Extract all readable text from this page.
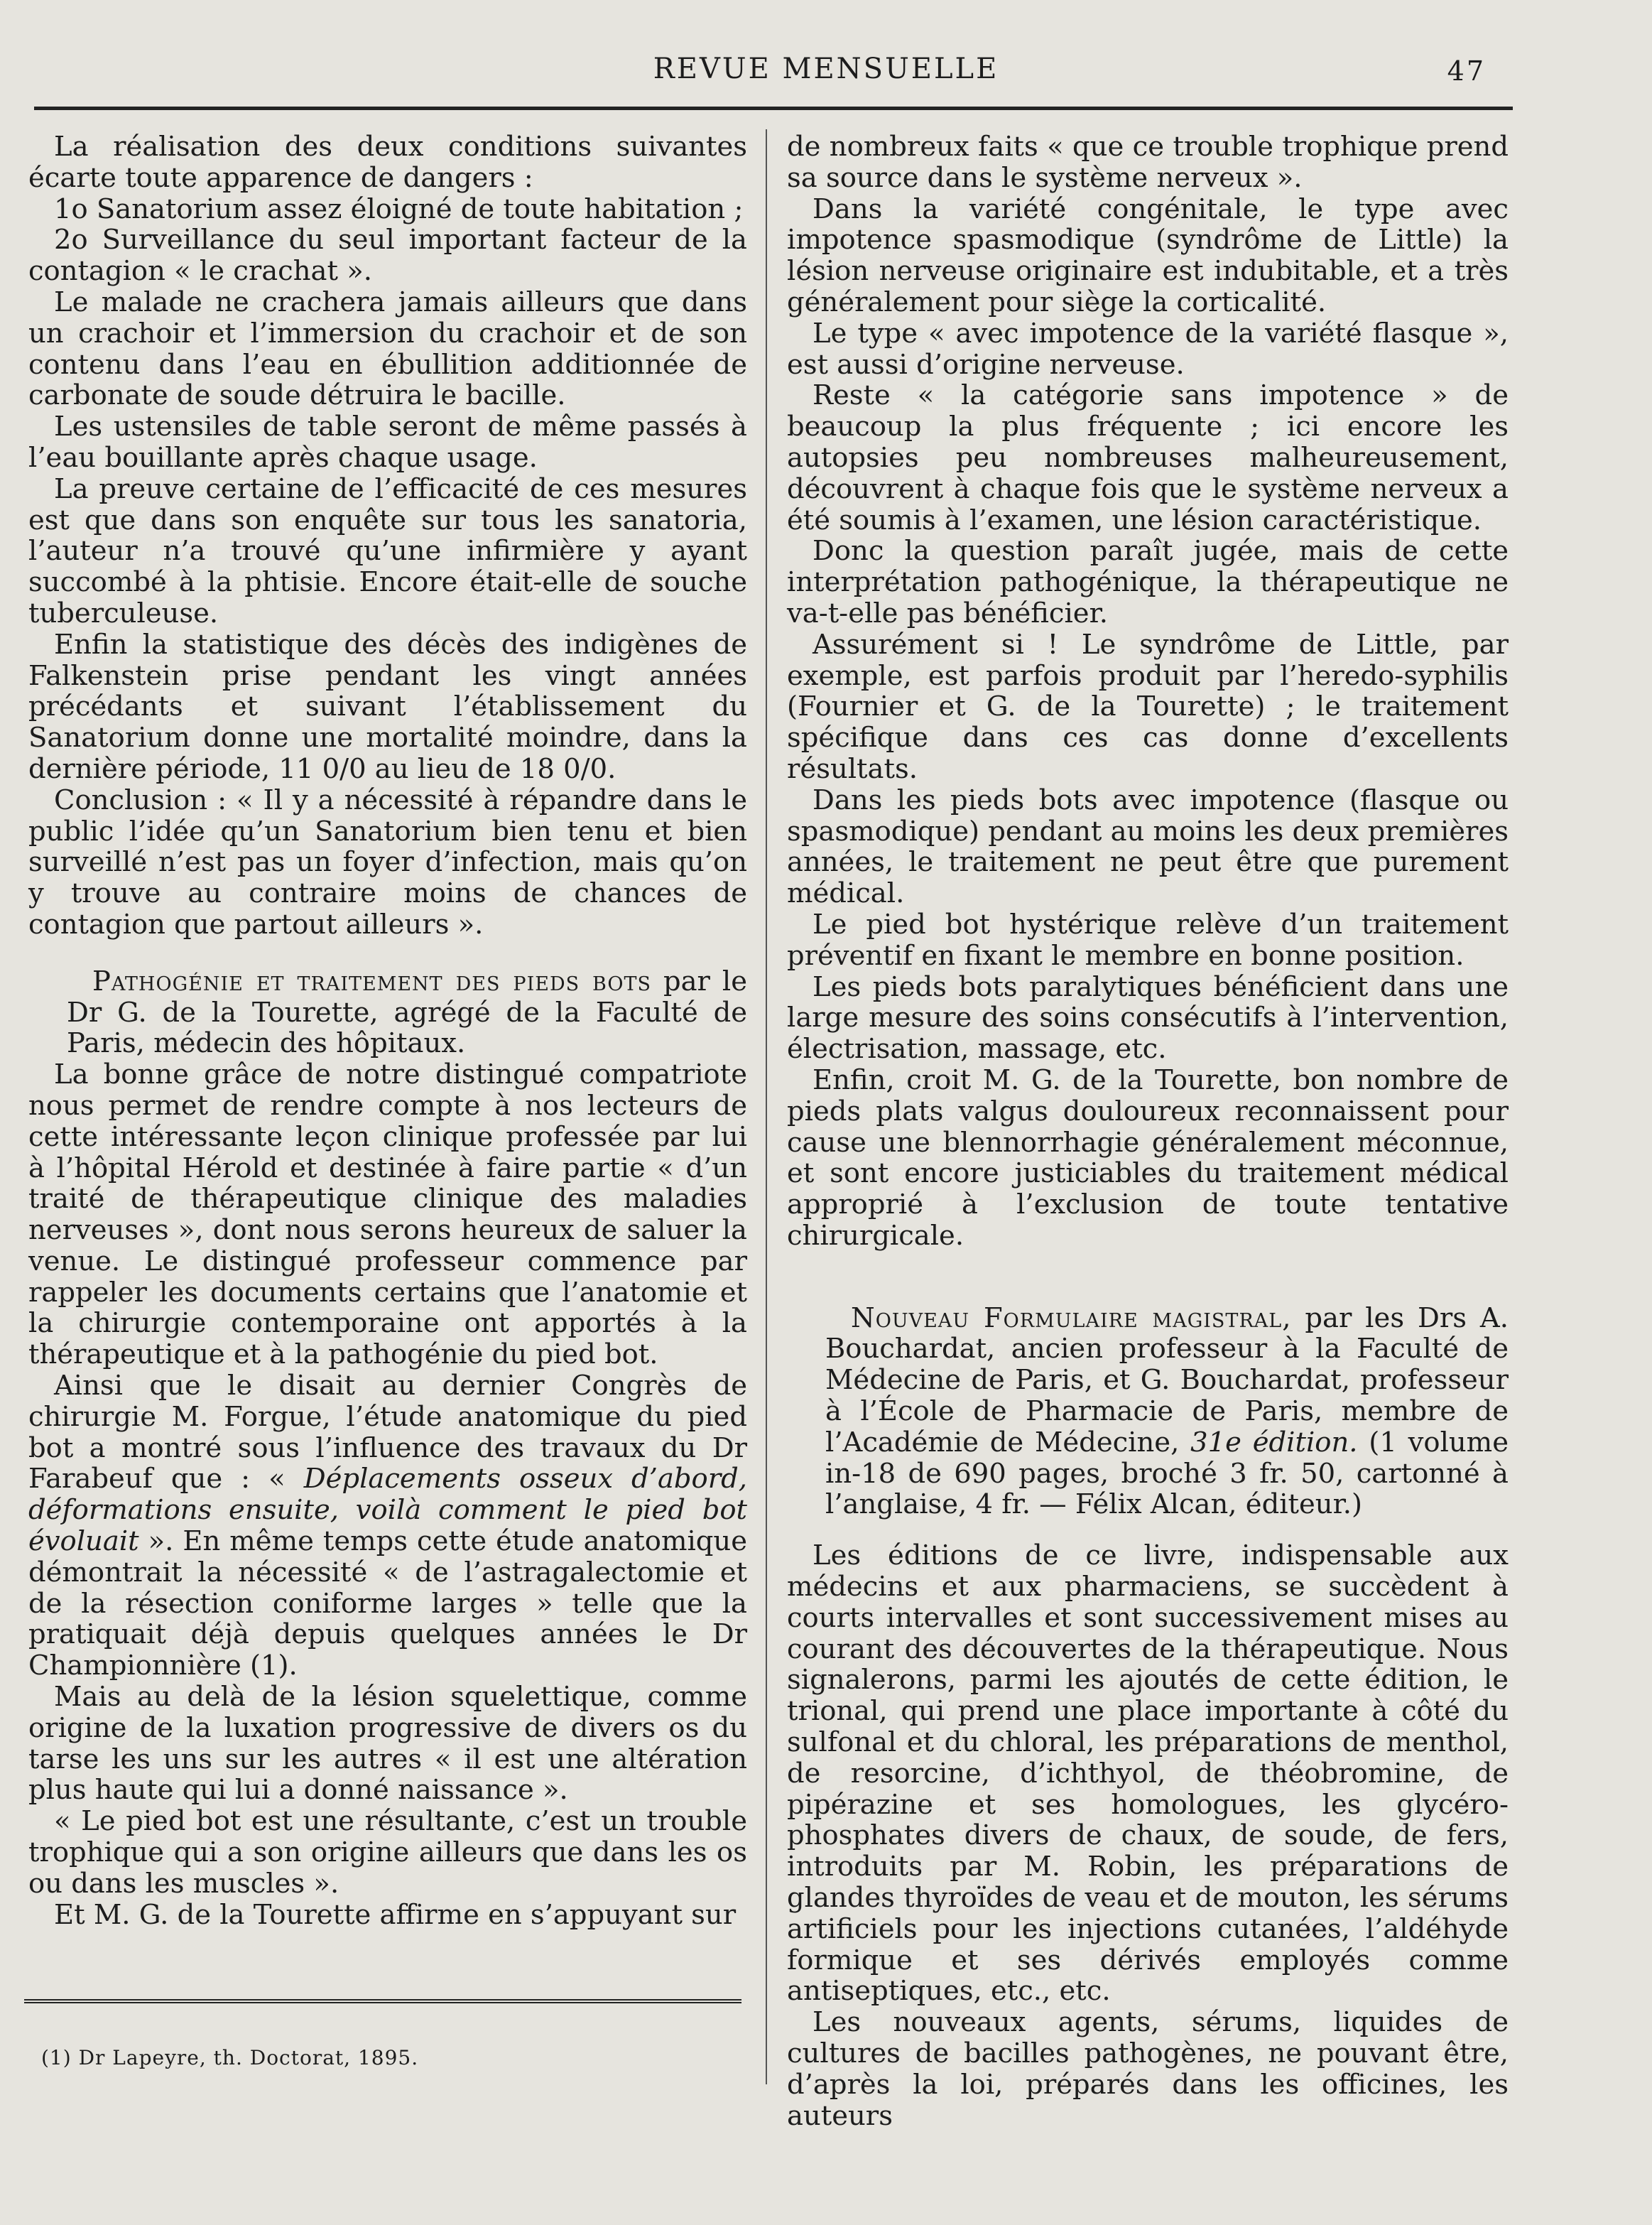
REVUE MENSUELLE	47

La réalisation des deux conditions suivantes écarte toute apparence de dangers :

1o Sanatorium assez éloigné de toute habitation ;

2o Surveillance du seul important facteur de la contagion « le crachat ».

Le malade ne crachera jamais ailleurs que dans un crachoir et l’immersion du crachoir et de son contenu dans l’eau en ébullition additionnée de carbonate de soude détruira le bacille.

Les ustensiles de table seront de même passés à l’eau bouillante après chaque usage.

La preuve certaine de l’efficacité de ces mesures est que dans son enquête sur tous les sanatoria, l’auteur n’a trouvé qu’une infirmière y ayant succombé à la phtisie. Encore était-elle de souche tuberculeuse.

Enfin la statistique des décès des indigènes de Falkenstein prise pendant les vingt années précédants et suivant l’établissement du Sanatorium donne une mortalité moindre, dans la dernière période, 11 0/0 au lieu de 18 0/0.

Conclusion : « Il y a nécessité à répandre dans le public l’idée qu’un Sanatorium bien tenu et bien surveillé n’est pas un foyer d’infection, mais qu’on y trouve au contraire moins de chances de contagion que partout ailleurs ».

Pathogénie et traitement des pieds bots par le Dr G. de la Tourette, agrégé de la Faculté de Paris, médecin des hôpitaux.

La bonne grâce de notre distingué compatriote nous permet de rendre compte à nos lecteurs de cette intéressante leçon clinique professée par lui à l’hôpital Hérold et destinée à faire partie « d’un traité de thérapeutique clinique des maladies nerveuses », dont nous serons heureux de saluer la venue. Le distingué professeur commence par rappeler les documents certains que l’anatomie et la chirurgie contemporaine ont apportés à la thérapeutique et à la pathogénie du pied bot.

Ainsi que le disait au dernier Congrès de chirurgie M. Forgue, l’étude anatomique du pied bot a montré sous l’influence des travaux du Dr Farabeuf que : « Déplacements osseux d’abord, déformations ensuite, voilà comment le pied bot évoluait ». En même temps cette étude anatomique démontrait la nécessité « de l’astragalectomie et de la résection coniforme larges » telle que la pratiquait déjà depuis quelques années le Dr Championnière (1).

Mais au delà de la lésion squelettique, comme origine de la luxation progressive de divers os du tarse les uns sur les autres « il est une altération plus haute qui lui a donné naissance ».

« Le pied bot est une résultante, c’est un trouble trophique qui a son origine ailleurs que dans les os ou dans les muscles ».

Et M. G. de la Tourette affirme en s’appuyant sur

de nombreux faits « que ce trouble trophique prend sa source dans le système nerveux ».

Dans la variété congénitale, le type avec impotence spasmodique (syndrôme de Little) la lésion nerveuse originaire est indubitable, et a très généralement pour siège la corticalité.

Le type « avec impotence de la variété flasque », est aussi d’origine nerveuse.

Reste « la catégorie sans impotence » de beaucoup la plus fréquente ; ici encore les autopsies peu nombreuses malheureusement, découvrent à chaque fois que le système nerveux a été soumis à l’examen, une lésion caractéristique.

Donc la question paraît jugée, mais de cette interprétation pathogénique, la thérapeutique ne va-t-elle pas bénéficier.

Assurément si ! Le syndrôme de Little, par exemple, est parfois produit par l’heredo-syphilis (Fournier et G. de la Tourette) ; le traitement spécifique dans ces cas donne d’excellents résultats.

Dans les pieds bots avec impotence (flasque ou spasmodique) pendant au moins les deux premières années, le traitement ne peut être que purement médical.

Le pied bot hystérique relève d’un traitement préventif en fixant le membre en bonne position.

Les pieds bots paralytiques bénéficient dans une large mesure des soins consécutifs à l’intervention, électrisation, massage, etc.

Enfin, croit M. G. de la Tourette, bon nombre de pieds plats valgus douloureux reconnaissent pour cause une blennorrhagie généralement méconnue, et sont encore justiciables du traitement médical approprié à l’exclusion de toute tentative chirurgicale.

Nouveau Formulaire magistral, par les Drs A. Bouchardat, ancien professeur à la Faculté de Médecine de Paris, et G. Bouchardat, professeur à l’École de Pharmacie de Paris, membre de l’Académie de Médecine, 31e édition. (1 volume in-18 de 690 pages, broché 3 fr. 50, cartonné à l’anglaise, 4 fr. — Félix Alcan, éditeur.)

Les éditions de ce livre, indispensable aux médecins et aux pharmaciens, se succèdent à courts intervalles et sont successivement mises au courant des découvertes de la thérapeutique. Nous signalerons, parmi les ajoutés de cette édition, le trional, qui prend une place importante à côté du sulfonal et du chloral, les préparations de menthol, de resorcine, d’ichthyol, de théobromine, de pipérazine et ses homologues, les glycéro-phosphates divers de chaux, de soude, de fers, introduits par M. Robin, les préparations de glandes thyroïdes de veau et de mouton, les sérums artificiels pour les injections cutanées, l’aldéhyde formique et ses dérivés employés comme antiseptiques, etc., etc.

Les nouveaux agents, sérums, liquides de cultures de bacilles pathogènes, ne pouvant être, d’après la loi, préparés dans les officines, les auteurs

(1) Dr Lapeyre, th. Doctorat, 1895.
